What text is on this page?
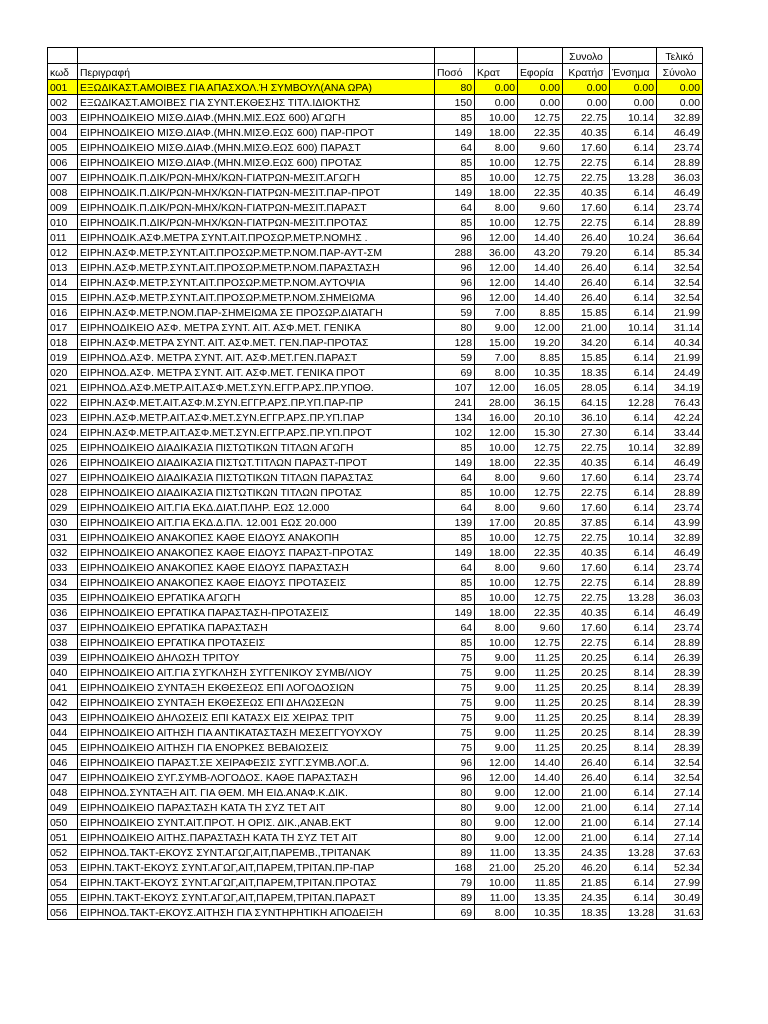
					Συνολο		Τελικό
κωδ	Περιγραφή	Ποσό	Κρατ	Εφορία	Κρατήσ	Ένσημα	Σύνολο
001	ΕΞΩΔΙΚΑΣΤ.ΑΜΟΙΒΕΣ ΓΙΑ ΑΠΑΣΧΟΛ.Ή ΣΥΜΒΟΥΛ(ΑΝΑ ΩΡΑ)	80	0.00	0.00	0.00	0.00	0.00
002	ΕΞΩΔΙΚΑΣΤ.ΑΜΟΙΒΕΣ ΓΙΑ ΣΥΝΤ.ΕΚΘΕΣΗΣ ΤΙΤΛ.ΙΔΙΟΚΤΗΣ	150	0.00	0.00	0.00	0.00	0.00
003	ΕΙΡΗΝΟΔΙΚΕΙΟ ΜΙΣΘ.ΔΙΑΦ.(ΜΗΝ.ΜΙΣ.ΕΩΣ 600) ΑΓΩΓΗ	85	10.00	12.75	22.75	10.14	32.89
004	ΕΙΡΗΝΟΔΙΚΕΙΟ ΜΙΣΘ.ΔΙΑΦ.(ΜΗΝ.ΜΙΣΘ.ΕΩΣ 600) ΠΑΡ-ΠΡΟΤ	149	18.00	22.35	40.35	6.14	46.49
005	ΕΙΡΗΝΟΔΙΚΕΙΟ ΜΙΣΘ.ΔΙΑΦ.(ΜΗΝ.ΜΙΣΘ.ΕΩΣ 600) ΠΑΡΑΣΤ	64	8.00	9.60	17.60	6.14	23.74
006	ΕΙΡΗΝΟΔΙΚΕΙΟ ΜΙΣΘ.ΔΙΑΦ.(ΜΗΝ.ΜΙΣΘ.ΕΩΣ 600) ΠΡΟΤΑΣ	85	10.00	12.75	22.75	6.14	28.89
007	ΕΙΡΗΝΟΔΙΚ.Π.ΔΙΚ/ΡΩΝ-ΜΗΧ/ΚΩΝ-ΓΙΑΤΡΩΝ-ΜΕΣΙΤ.ΑΓΩΓΗ	85	10.00	12.75	22.75	13.28	36.03
008	ΕΙΡΗΝΟΔΙΚ.Π.ΔΙΚ/ΡΩΝ-ΜΗΧ/ΚΩΝ-ΓΙΑΤΡΩΝ-ΜΕΣΙΤ.ΠΑΡ-ΠΡΟΤ	149	18.00	22.35	40.35	6.14	46.49
009	ΕΙΡΗΝΟΔΙΚ.Π.ΔΙΚ/ΡΩΝ-ΜΗΧ/ΚΩΝ-ΓΙΑΤΡΩΝ-ΜΕΣΙΤ.ΠΑΡΑΣΤ	64	8.00	9.60	17.60	6.14	23.74
010	ΕΙΡΗΝΟΔΙΚ.Π.ΔΙΚ/ΡΩΝ-ΜΗΧ/ΚΩΝ-ΓΙΑΤΡΩΝ-ΜΕΣΙΤ.ΠΡΟΤΑΣ	85	10.00	12.75	22.75	6.14	28.89
011	ΕΙΡΗΝΟΔΙΚ.ΑΣΦ.ΜΕΤΡΑ ΣΥΝΤ.ΑΙΤ.ΠΡΟΣΩΡ.ΜΕΤΡ.ΝΟΜΗΣ .	96	12.00	14.40	26.40	10.24	36.64
012	ΕΙΡΗΝ.ΑΣΦ.ΜΕΤΡ.ΣΥΝΤ.ΑΙΤ.ΠΡΟΣΩΡ.ΜΕΤΡ.ΝΟΜ.ΠΑΡ-ΑΥΤ-ΣΜ	288	36.00	43.20	79.20	6.14	85.34
013	ΕΙΡΗΝ.ΑΣΦ.ΜΕΤΡ.ΣΥΝΤ.ΑΙΤ.ΠΡΟΣΩΡ.ΜΕΤΡ.ΝΟΜ.ΠΑΡΑΣΤΑΣΗ	96	12.00	14.40	26.40	6.14	32.54
014	ΕΙΡΗΝ.ΑΣΦ.ΜΕΤΡ.ΣΥΝΤ.ΑΙΤ.ΠΡΟΣΩΡ.ΜΕΤΡ.ΝΟΜ.ΑΥΤΟΨΙΑ	96	12.00	14.40	26.40	6.14	32.54
015	ΕΙΡΗΝ.ΑΣΦ.ΜΕΤΡ.ΣΥΝΤ.ΑΙΤ.ΠΡΟΣΩΡ.ΜΕΤΡ.ΝΟΜ.ΣΗΜΕΙΩΜΑ	96	12.00	14.40	26.40	6.14	32.54
016	ΕΙΡΗΝ.ΑΣΦ.ΜΕΤΡ.ΝΟΜ.ΠΑΡ-ΣΗΜΕΙΩΜΑ ΣΕ ΠΡΟΣΩΡ.ΔΙΑΤΑΓΗ	59	7.00	8.85	15.85	6.14	21.99
017	ΕΙΡΗΝΟΔΙΚΕΙΟ ΑΣΦ. ΜΕΤΡΑ ΣΥΝΤ. ΑΙΤ. ΑΣΦ.ΜΕΤ. ΓΕΝΙΚΑ	80	9.00	12.00	21.00	10.14	31.14
018	ΕΙΡΗΝ.ΑΣΦ.ΜΕΤΡΑ ΣΥΝΤ. ΑΙΤ. ΑΣΦ.ΜΕΤ. ΓΕΝ.ΠΑΡ-ΠΡΟΤΑΣ	128	15.00	19.20	34.20	6.14	40.34
019	ΕΙΡΗΝΟΔ.ΑΣΦ. ΜΕΤΡΑ ΣΥΝΤ. ΑΙΤ. ΑΣΦ.ΜΕΤ.ΓΕΝ.ΠΑΡΑΣΤ	59	7.00	8.85	15.85	6.14	21.99
020	ΕΙΡΗΝΟΔ.ΑΣΦ. ΜΕΤΡΑ ΣΥΝΤ. ΑΙΤ. ΑΣΦ.ΜΕΤ. ΓΕΝΙΚΑ ΠΡΟΤ	69	8.00	10.35	18.35	6.14	24.49
021	ΕΙΡΗΝΟΔ.ΑΣΦ.ΜΕΤΡ.ΑΙΤ.ΑΣΦ.ΜΕΤ.ΣΥΝ.ΕΓΓΡ.ΑΡΣ.ΠΡ.ΥΠΟΘ.	107	12.00	16.05	28.05	6.14	34.19
022	ΕΙΡΗΝ.ΑΣΦ.ΜΕΤ.ΑΙΤ.ΑΣΦ.Μ.ΣΥΝ.ΕΓΓΡ.ΑΡΣ.ΠΡ.ΥΠ.ΠΑΡ-ΠΡ	241	28.00	36.15	64.15	12.28	76.43
023	ΕΙΡΗΝ.ΑΣΦ.ΜΕΤΡ.ΑΙΤ.ΑΣΦ.ΜΕΤ.ΣΥΝ.ΕΓΓΡ.ΑΡΣ.ΠΡ.ΥΠ.ΠΑΡ	134	16.00	20.10	36.10	6.14	42.24
024	ΕΙΡΗΝ.ΑΣΦ.ΜΕΤΡ.ΑΙΤ.ΑΣΦ.ΜΕΤ.ΣΥΝ.ΕΓΓΡ.ΑΡΣ.ΠΡ.ΥΠ.ΠΡΟΤ	102	12.00	15.30	27.30	6.14	33.44
025	ΕΙΡΗΝΟΔΙΚΕΙΟ ΔΙΑΔΙΚΑΣΙΑ ΠΙΣΤΩΤΙΚΩΝ ΤΙΤΛΩΝ ΑΓΩΓΗ	85	10.00	12.75	22.75	10.14	32.89
026	ΕΙΡΗΝΟΔΙΚΕΙΟ ΔΙΑΔΙΚΑΣΙΑ ΠΙΣΤΩΤ.ΤΙΤΛΩΝ ΠΑΡΑΣΤ-ΠΡΟΤ	149	18.00	22.35	40.35	6.14	46.49
027	ΕΙΡΗΝΟΔΙΚΕΙΟ ΔΙΑΔΙΚΑΣΙΑ ΠΙΣΤΩΤΙΚΩΝ ΤΙΤΛΩΝ ΠΑΡΑΣΤΑΣ	64	8.00	9.60	17.60	6.14	23.74
028	ΕΙΡΗΝΟΔΙΚΕΙΟ ΔΙΑΔΙΚΑΣΙΑ ΠΙΣΤΩΤΙΚΩΝ ΤΙΤΛΩΝ ΠΡΟΤΑΣ	85	10.00	12.75	22.75	6.14	28.89
029	ΕΙΡΗΝΟΔΙΚΕΙΟ ΑΙΤ.ΓΙΑ ΕΚΔ.ΔΙΑΤ.ΠΛΗΡ. ΕΩΣ 12.000	64	8.00	9.60	17.60	6.14	23.74
030	ΕΙΡΗΝΟΔΙΚΕΙΟ ΑΙΤ.ΓΙΑ ΕΚΔ.Δ.ΠΛ. 12.001 ΕΩΣ 20.000	139	17.00	20.85	37.85	6.14	43.99
031	ΕΙΡΗΝΟΔΙΚΕΙΟ ΑΝΑΚΟΠΕΣ ΚΑΘΕ ΕΙΔΟΥΣ ΑΝΑΚΟΠΗ	85	10.00	12.75	22.75	10.14	32.89
032	ΕΙΡΗΝΟΔΙΚΕΙΟ ΑΝΑΚΟΠΕΣ ΚΑΘΕ ΕΙΔΟΥΣ ΠΑΡΑΣΤ-ΠΡΟΤΑΣ	149	18.00	22.35	40.35	6.14	46.49
033	ΕΙΡΗΝΟΔΙΚΕΙΟ ΑΝΑΚΟΠΕΣ ΚΑΘΕ ΕΙΔΟΥΣ ΠΑΡΑΣΤΑΣΗ	64	8.00	9.60	17.60	6.14	23.74
034	ΕΙΡΗΝΟΔΙΚΕΙΟ ΑΝΑΚΟΠΕΣ ΚΑΘΕ ΕΙΔΟΥΣ ΠΡΟΤΑΣΕΙΣ	85	10.00	12.75	22.75	6.14	28.89
035	ΕΙΡΗΝΟΔΙΚΕΙΟ ΕΡΓΑΤΙΚΑ ΑΓΩΓΗ	85	10.00	12.75	22.75	13.28	36.03
036	ΕΙΡΗΝΟΔΙΚΕΙΟ ΕΡΓΑΤΙΚΑ ΠΑΡΑΣΤΑΣΗ-ΠΡΟΤΑΣΕΙΣ	149	18.00	22.35	40.35	6.14	46.49
037	ΕΙΡΗΝΟΔΙΚΕΙΟ ΕΡΓΑΤΙΚΑ ΠΑΡΑΣΤΑΣΗ	64	8.00	9.60	17.60	6.14	23.74
038	ΕΙΡΗΝΟΔΙΚΕΙΟ ΕΡΓΑΤΙΚΑ ΠΡΟΤΑΣΕΙΣ	85	10.00	12.75	22.75	6.14	28.89
039	ΕΙΡΗΝΟΔΙΚΕΙΟ ΔΗΛΩΣΗ ΤΡΙΤΟΥ	75	9.00	11.25	20.25	6.14	26.39
040	ΕΙΡΗΝΟΔΙΚΕΙΟ ΑΙΤ.ΓΙΑ ΣΥΓΚΛΗΣΗ ΣΥΓΓΕΝΙΚΟΥ ΣΥΜΒ/ΛΙΟΥ	75	9.00	11.25	20.25	8.14	28.39
041	ΕΙΡΗΝΟΔΙΚΕΙΟ ΣΥΝΤΑΞΗ ΕΚΘΕΣΕΩΣ ΕΠΙ ΛΟΓΟΔΟΣΙΩΝ	75	9.00	11.25	20.25	8.14	28.39
042	ΕΙΡΗΝΟΔΙΚΕΙΟ ΣΥΝΤΑΞΗ ΕΚΘΕΣΕΩΣ ΕΠΙ ΔΗΛΩΣΕΩΝ	75	9.00	11.25	20.25	8.14	28.39
043	ΕΙΡΗΝΟΔΙΚΕΙΟ ΔΗΛΩΣΕΙΣ ΕΠΙ ΚΑΤΑΣΧ ΕΙΣ ΧΕΙΡΑΣ ΤΡΙΤ	75	9.00	11.25	20.25	8.14	28.39
044	ΕΙΡΗΝΟΔΙΚΕΙΟ ΑΙΤΗΣΗ ΓΙΑ ΑΝΤΙΚΑΤΑΣΤΑΣΗ ΜΕΣΕΓΓΥΟΥΧΟΥ	75	9.00	11.25	20.25	8.14	28.39
045	ΕΙΡΗΝΟΔΙΚΕΙΟ ΑΙΤΗΣΗ ΓΙΑ ΕΝΟΡΚΕΣ ΒΕΒΑΙΩΣΕΙΣ	75	9.00	11.25	20.25	8.14	28.39
046	ΕΙΡΗΝΟΔΙΚΕΙΟ ΠΑΡΑΣΤ.ΣΕ ΧΕΙΡΑΦΕΣΙΣ ΣΥΓΓ.ΣΥΜΒ.ΛΟΓ.Δ.	96	12.00	14.40	26.40	6.14	32.54
047	ΕΙΡΗΝΟΔΙΚΕΙΟ ΣΥΓ.ΣΥΜΒ-ΛΟΓΟΔΟΣ. ΚΑΘΕ ΠΑΡΑΣΤΑΣΗ	96	12.00	14.40	26.40	6.14	32.54
048	ΕΙΡΗΝΟΔ.ΣΥΝΤΑΞΗ ΑΙΤ. ΓΙΑ ΘΕΜ. ΜΗ ΕΙΔ.ΑΝΑΦ.Κ.ΔΙΚ.	80	9.00	12.00	21.00	6.14	27.14
049	ΕΙΡΗΝΟΔΙΚΕΙΟ ΠΑΡΑΣΤΑΣΗ ΚΑΤΑ ΤΗ ΣΥΖ ΤΕΤ ΑΙΤ	80	9.00	12.00	21.00	6.14	27.14
050	ΕΙΡΗΝΟΔΙΚΕΙΟ ΣΥΝΤ.ΑΙΤ.ΠΡΟΤ. Η ΟΡΙΣ. ΔΙΚ.,ΑΝΑΒ.ΕΚΤ	80	9.00	12.00	21.00	6.14	27.14
051	ΕΙΡΗΝΟΔΙΚΕΙΟ ΑΙΤΗΣ.ΠΑΡΑΣΤΑΣΗ ΚΑΤΑ ΤΗ ΣΥΖ ΤΕΤ ΑΙΤ	80	9.00	12.00	21.00	6.14	27.14
052	ΕΙΡΗΝΟΔ.ΤΑΚΤ-ΕΚΟΥΣ ΣΥΝΤ.ΑΓΩΓ,ΑΙΤ,ΠΑΡΕΜΒ.,ΤΡΙΤΑΝΑΚ	89	11.00	13.35	24.35	13.28	37.63
053	ΕΙΡΗΝ.ΤΑΚΤ-ΕΚΟΥΣ ΣΥΝΤ.ΑΓΩΓ,ΑΙΤ,ΠΑΡΕΜ,ΤΡΙΤΑΝ.ΠΡ-ΠΑΡ	168	21.00	25.20	46.20	6.14	52.34
054	ΕΙΡΗΝ.ΤΑΚΤ-ΕΚΟΥΣ ΣΥΝΤ.ΑΓΩΓ,ΑΙΤ,ΠΑΡΕΜ,ΤΡΙΤΑΝ.ΠΡΟΤΑΣ	79	10.00	11.85	21.85	6.14	27.99
055	ΕΙΡΗΝ.ΤΑΚΤ-ΕΚΟΥΣ ΣΥΝΤ.ΑΓΩΓ,ΑΙΤ,ΠΑΡΕΜ,ΤΡΙΤΑΝ.ΠΑΡΑΣΤ	89	11.00	13.35	24.35	6.14	30.49
056	ΕΙΡΗΝΟΔ.ΤΑΚΤ-ΕΚΟΥΣ.ΑΙΤΗΣΗ ΓΙΑ ΣΥΝΤΗΡΗΤΙΚΗ ΑΠΟΔΕΙΞΗ	69	8.00	10.35	18.35	13.28	31.63
